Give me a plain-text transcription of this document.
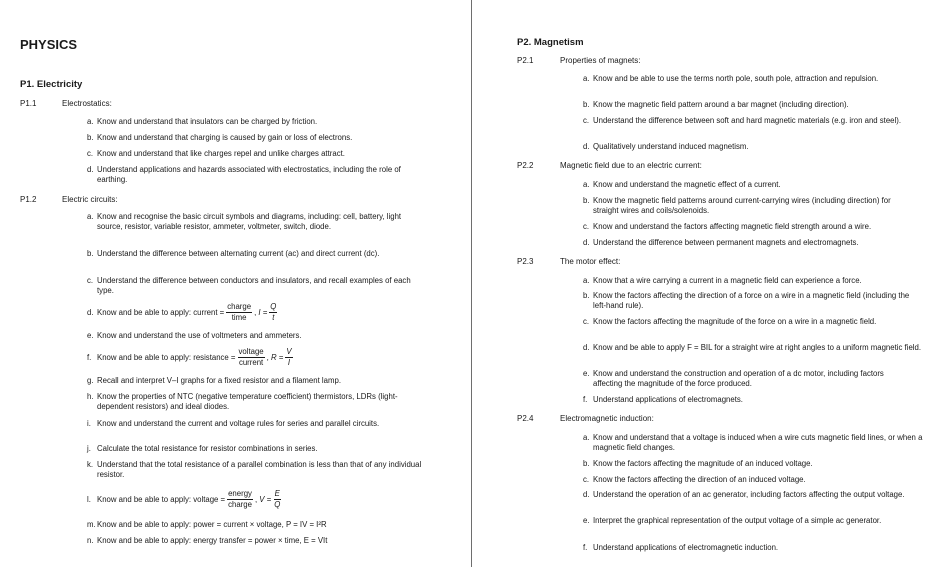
PHYSICS
P1. Electricity
P1.1	Electrostatics:
a. Know and understand that insulators can be charged by friction.
b. Know and understand that charging is caused by gain or loss of electrons.
c. Know and understand that like charges repel and unlike charges attract.
d. Understand applications and hazards associated with electrostatics, including the role of earthing.
P1.2	Electric circuits:
a. Know and recognise the basic circuit symbols and diagrams, including: cell, battery, light source, resistor, variable resistor, ammeter, voltmeter, switch, diode.
b. Understand the difference between alternating current (ac) and direct current (dc).
c. Understand the difference between conductors and insulators, and recall examples of each type.
d. Know and be able to apply: current = $\frac{\text{charge}}{\text{time}}$ ,
$I = \frac{Q}{t}$
e. Know and understand the use of voltmeters and ammeters.
f. Know and be able to apply: resistance = $\frac{\text{voltage}}{\text{current}}$ ,
$R = \frac{V}{I}$
g. Recall and interpret V–I graphs for a fixed resistor and a filament lamp.
h. Know the properties of NTC (negative temperature coefficient) thermistors, LDRs (light-dependent resistors) and ideal diodes.
i. Know and understand the current and voltage rules for series and parallel circuits.
j. Calculate the total resistance for resistor combinations in series.
k. Understand that the total resistance of a parallel combination is less than that of any individual resistor.
l. Know and be able to apply: voltage = $\frac{\text{energy}}{\text{charge}}$ ,
$V = \frac{E}{Q}$
m. Know and be able to apply: power = current × voltage, P = IV = I²R
n. Know and be able to apply: energy transfer = power × time, E = VIt
P2. Magnetism
P2.1	Properties of magnets:
a. Know and be able to use the terms north pole, south pole, attraction and repulsion.
b. Know the magnetic field pattern around a bar magnet (including direction).
c. Understand the difference between soft and hard magnetic materials (e.g. iron and steel).
d. Qualitatively understand induced magnetism.
P2.2	Magnetic field due to an electric current:
a. Know and understand the magnetic effect of a current.
b. Know the magnetic field patterns around current-carrying wires (including direction) for straight wires and coils/solenoids.
c. Know and understand the factors affecting magnetic field strength around a wire.
d. Understand the difference between permanent magnets and electromagnets.
P2.3	The motor effect:
a. Know that a wire carrying a current in a magnetic field can experience a force.
b. Know the factors affecting the direction of a force on a wire in a magnetic field (including the left-hand rule).
c. Know the factors affecting the magnitude of the force on a wire in a magnetic field.
d. Know and be able to apply F = BIL for a straight wire at right angles to a uniform magnetic field.
e. Know and understand the construction and operation of a dc motor, including factors affecting the magnitude of the force produced.
f. Understand applications of electromagnets.
P2.4	Electromagnetic induction:
a. Know and understand that a voltage is induced when a wire cuts magnetic field lines, or when a magnetic field changes.
b. Know the factors affecting the magnitude of an induced voltage.
c. Know the factors affecting the direction of an induced voltage.
d. Understand the operation of an ac generator, including factors affecting the output voltage.
e. Interpret the graphical representation of the output voltage of a simple ac generator.
f. Understand applications of electromagnetic induction.
